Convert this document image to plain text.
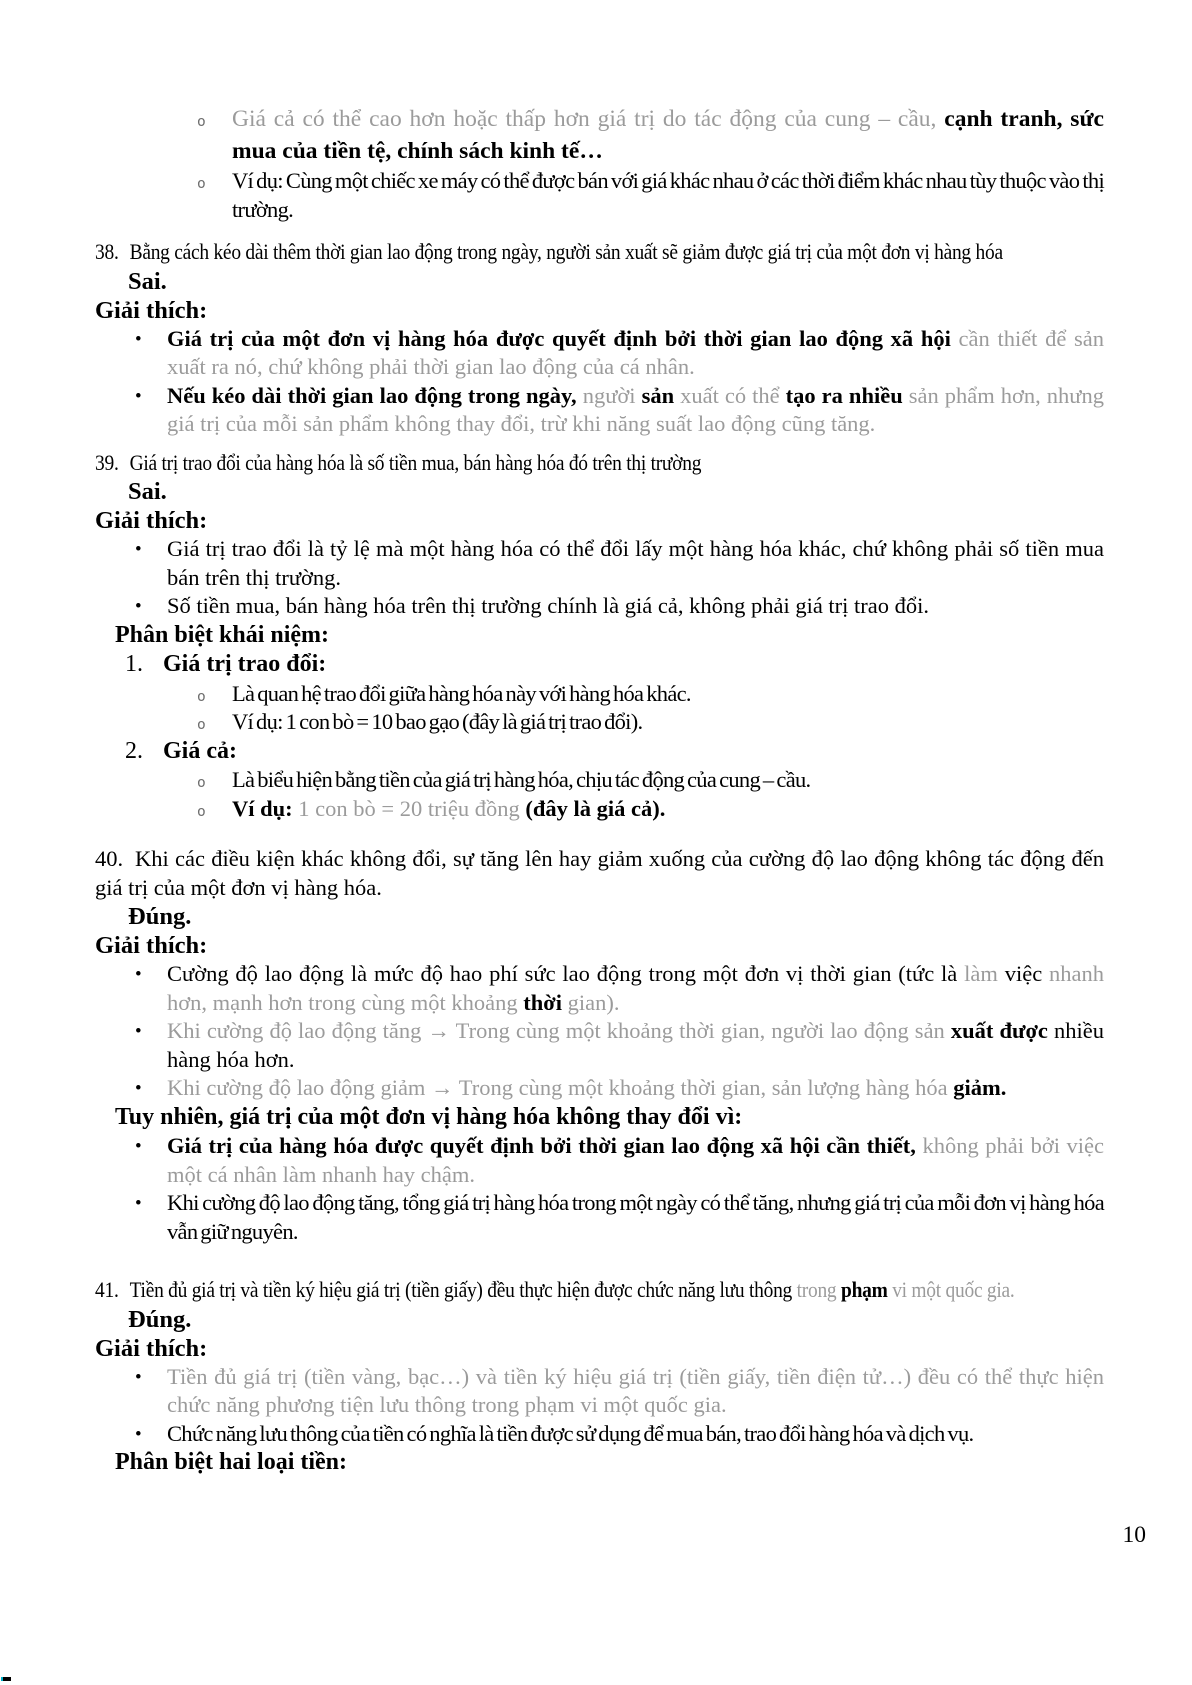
o Giá cả có thể cao hơn hoặc thấp hơn giá trị do tác động của cung – cầu, cạnh tranh, sức mua của tiền tệ, chính sách kinh tế…
o Ví dụ: Cùng một chiếc xe máy có thể được bán với giá khác nhau ở các thời điểm khác nhau tùy thuộc vào thị trường.
38. Bằng cách kéo dài thêm thời gian lao động trong ngày, người sản xuất sẽ giảm được giá trị của một đơn vị hàng hóa
Sai.
Giải thích:
• Giá trị của một đơn vị hàng hóa được quyết định bởi thời gian lao động xã hội cần thiết để sản xuất ra nó, chứ không phải thời gian lao động của cá nhân.
• Nếu kéo dài thời gian lao động trong ngày, người sản xuất có thể tạo ra nhiều sản phẩm hơn, nhưng giá trị của mỗi sản phẩm không thay đổi, trừ khi năng suất lao động cũng tăng.
39. Giá trị trao đổi của hàng hóa là số tiền mua, bán hàng hóa đó trên thị trường
Sai.
Giải thích:
• Giá trị trao đổi là tỷ lệ mà một hàng hóa có thể đổi lấy một hàng hóa khác, chứ không phải số tiền mua bán trên thị trường.
• Số tiền mua, bán hàng hóa trên thị trường chính là giá cả, không phải giá trị trao đổi.
Phân biệt khái niệm:
1. Giá trị trao đổi:
o Là quan hệ trao đổi giữa hàng hóa này với hàng hóa khác.
o Ví dụ: 1 con bò = 10 bao gạo (đây là giá trị trao đổi).
2. Giá cả:
o Là biểu hiện bằng tiền của giá trị hàng hóa, chịu tác động của cung – cầu.
o Ví dụ: 1 con bò = 20 triệu đồng (đây là giá cả).
40. Khi các điều kiện khác không đổi, sự tăng lên hay giảm xuống của cường độ lao động không tác động đến giá trị của một đơn vị hàng hóa.
Đúng.
Giải thích:
• Cường độ lao động là mức độ hao phí sức lao động trong một đơn vị thời gian (tức là làm việc nhanh hơn, mạnh hơn trong cùng một khoảng thời gian).
• Khi cường độ lao động tăng → Trong cùng một khoảng thời gian, người lao động sản xuất được nhiều hàng hóa hơn.
• Khi cường độ lao động giảm → Trong cùng một khoảng thời gian, sản lượng hàng hóa giảm.
Tuy nhiên, giá trị của một đơn vị hàng hóa không thay đổi vì:
• Giá trị của hàng hóa được quyết định bởi thời gian lao động xã hội cần thiết, không phải bởi việc một cá nhân làm nhanh hay chậm.
• Khi cường độ lao động tăng, tổng giá trị hàng hóa trong một ngày có thể tăng, nhưng giá trị của mỗi đơn vị hàng hóa vẫn giữ nguyên.
41. Tiền đủ giá trị và tiền ký hiệu giá trị (tiền giấy) đều thực hiện được chức năng lưu thông trong phạm vi một quốc gia.
Đúng.
Giải thích:
• Tiền đủ giá trị (tiền vàng, bạc…) và tiền ký hiệu giá trị (tiền giấy, tiền điện tử…) đều có thể thực hiện chức năng phương tiện lưu thông trong phạm vi một quốc gia.
• Chức năng lưu thông của tiền có nghĩa là tiền được sử dụng để mua bán, trao đổi hàng hóa và dịch vụ.
Phân biệt hai loại tiền:
10
